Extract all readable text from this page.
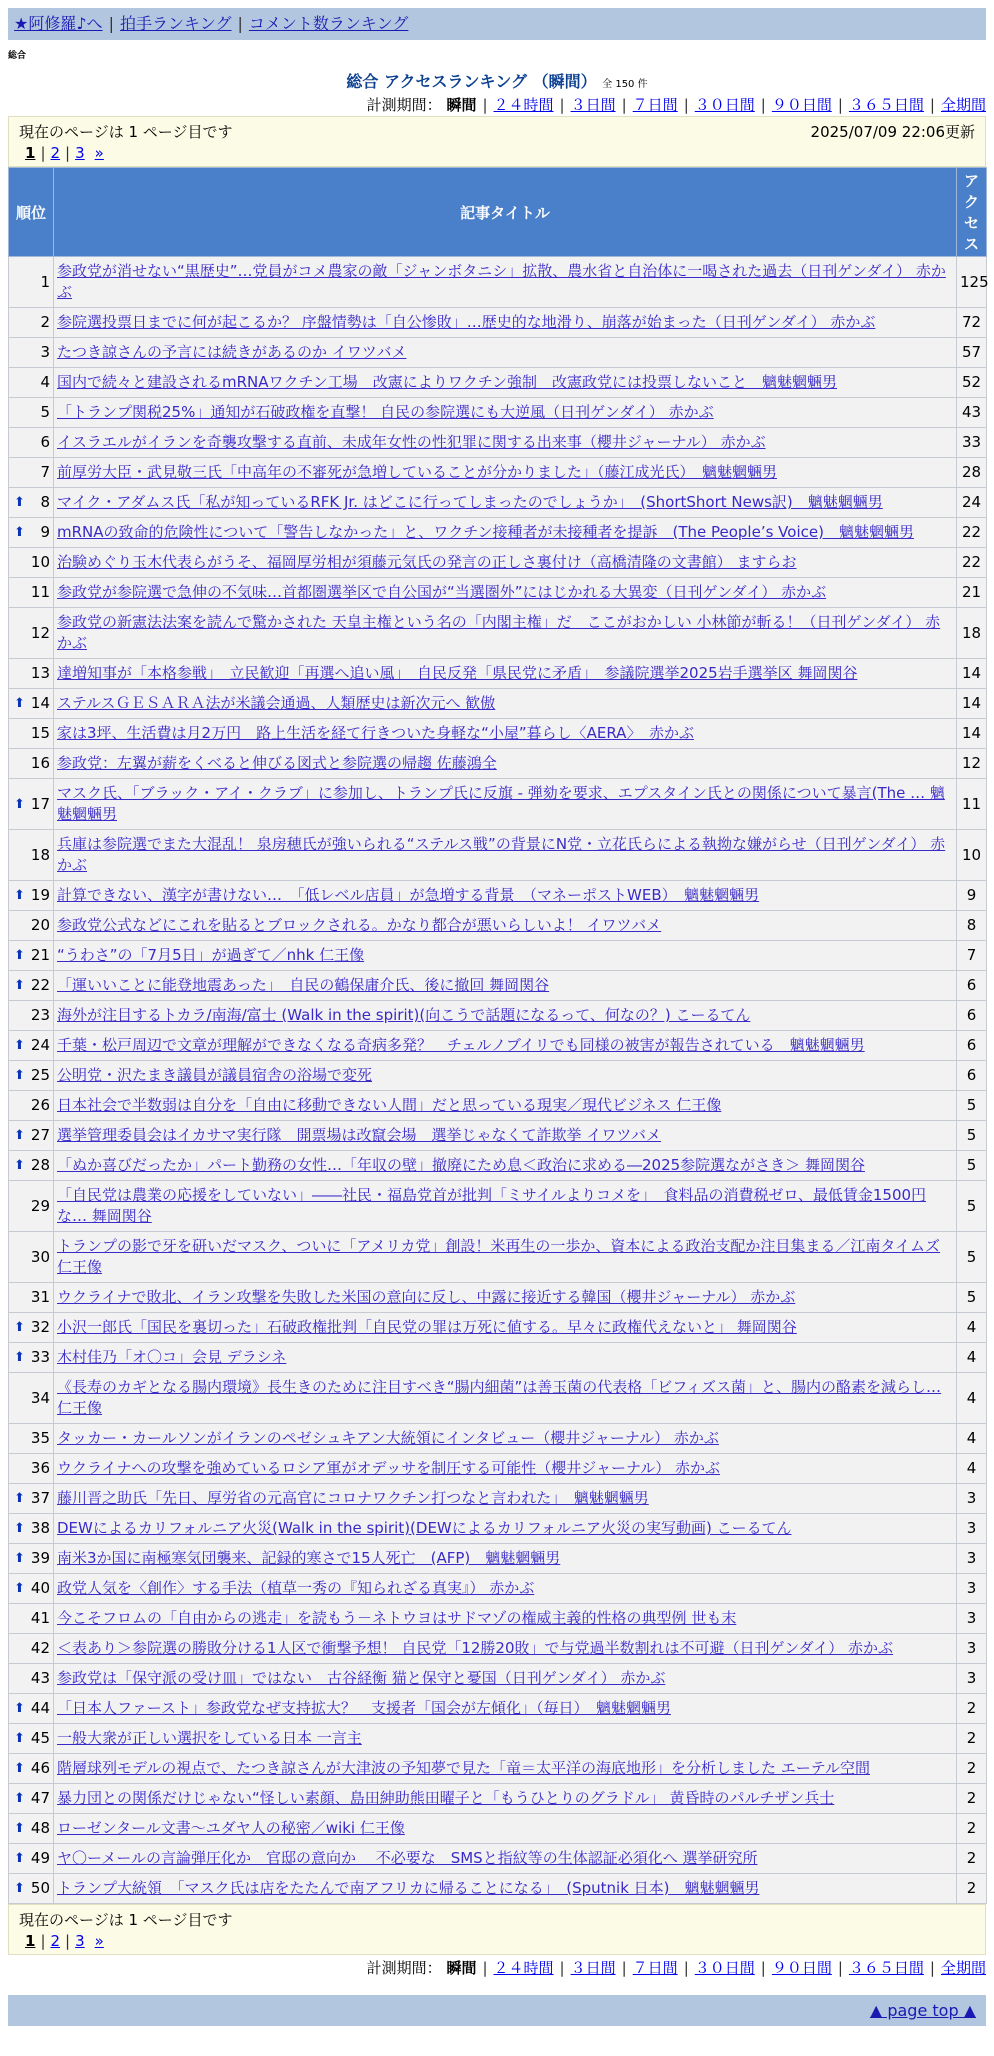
★阿修羅♪へ | 拍手ランキング | コメント数ランキング
総合
総合 アクセスランキング （瞬間） 全 150 件
計測期間： 瞬間 | ２４時間 | ３日間 | ７日間 | ３０日間 | ９０日間 | ３６５日間 | 全期間
現在のページは 1 ページ目です	2025/07/09 22:06更新
1 | 2 | 3 »
順位	記事タイトル	アクセス
1	参政党が消せない“黒歴史”…党員がコメ農家の敵「ジャンボタニシ」拡散、農水省と自治体に一喝された過去（日刊ゲンダイ） 赤かぶ	125
2	参院選投票日までに何が起こるか？ 序盤情勢は「自公惨敗」…歴史的な地滑り、崩落が始まった（日刊ゲンダイ） 赤かぶ	72
3	たつき諒さんの予言には続きがあるのか イワツバメ	57
4	国内で続々と建設されるmRNAワクチン工場　改憲によりワクチン強制　改憲政党には投票しないこと　魑魅魍魎男	52
5	「トランプ関税25%」通知が石破政権を直撃！ 自民の参院選にも大逆風（日刊ゲンダイ） 赤かぶ	43
6	イスラエルがイランを奇襲攻撃する直前、未成年女性の性犯罪に関する出来事（櫻井ジャーナル） 赤かぶ	33
7	前厚労大臣・武見敬三氏「中高年の不審死が急増していることが分かりました」（藤江成光氏）　魑魅魍魎男	28

⬆ 8	マイク・アダムス氏「私が知っているRFK Jr. はどこに行ってしまったのでしょうか」　(ShortShort News訳)　魑魅魍魎男	24

⬆ 9	mRNAの致命的危険性について「警告しなかった」と、ワクチン接種者が未接種者を提訴　(The People’s Voice)　魑魅魍魎男	22
10	治験めぐり玉木代表らがうそ、福岡厚労相が須藤元気氏の発言の正しさ裏付け（高橋清隆の文書館） ますらお	22
11	参政党が参院選で急伸の不気味…首都圏選挙区で自公国が“当選圏外”にはじかれる大異変（日刊ゲンダイ） 赤かぶ	21
12	参政党の新憲法法案を読んで驚かされた 天皇主権という名の「内閣主権」だ　ここがおかしい 小林節が斬る！（日刊ゲンダイ） 赤かぶ	18
13	達増知事が「本格参戦」　立民歓迎「再選へ追い風」　自民反発「県民党に矛盾」　参議院選挙2025岩手選挙区 舞岡関谷	14

⬆ 14	ステルスＧＥＳＡＲＡ法が米議会通過、人類歴史は新次元へ 歓傲	14
15	家は3坪、生活費は月2万円　路上生活を経て行きついた身軽な“小屋”暮らし〈AERA〉　赤かぶ	14
16	参政党：左翼が薪をくべると伸びる図式と参院選の帰趨 佐藤鴻全	12

⬆ 17	マスク氏、「ブラック・アイ・クラブ」に参加し、トランプ氏に反旗 - 弾劾を要求、エプスタイン氏との関係について暴言(The … 魑魅魍魎男	11
18	兵庫は参院選でまた大混乱！ 泉房穂氏が強いられる“ステルス戦”の背景にN党・立花氏らによる執拗な嫌がらせ（日刊ゲンダイ） 赤かぶ	10

⬆ 19	計算できない、漢字が書けない…　「低レベル店員」が急増する背景　（マネーポストWEB）　魑魅魍魎男	9
20	参政党公式などにこれを貼るとブロックされる。かなり都合が悪いらしいよ！ イワツバメ	8

⬆ 21	“うわさ”の「7月5日」が過ぎて／nhk 仁王像	7

⬆ 22	「運いいことに能登地震あった」　自民の鶴保庸介氏、後に撤回 舞岡関谷	6
23	海外が注目するトカラ/南海/富士 (Walk in the spirit)(向こうで話題になるって、何なの？) こーるてん	6

⬆ 24	千葉・松戸周辺で文章が理解ができなくなる奇病多発？　チェルノブイリでも同様の被害が報告されている　魑魅魍魎男	6

⬆ 25	公明党・沢たまき議員が議員宿舎の浴場で変死	6
26	日本社会で半数弱は自分を「自由に移動できない人間」だと思っている現実／現代ビジネス 仁王像	5

⬆ 27	選挙管理委員会はイカサマ実行隊　開票場は改竄会場　選挙じゃなくて詐欺挙 イワツバメ	5

⬆ 28	「ぬか喜びだったか」パート勤務の女性…「年収の壁」撤廃にため息＜政治に求める―2025参院選ながさき＞ 舞岡関谷	5
29	「自民党は農業の応援をしていない」――社民・福島党首が批判「ミサイルよりコメを」　食料品の消費税ゼロ、最低賃金1500円な… 舞岡関谷	5
30	トランプの影で牙を研いだマスク、ついに「アメリカ党」創設！米再生の一歩か、資本による政治支配か注目集まる／江南タイムズ 仁王像	5
31	ウクライナで敗北、イラン攻撃を失敗した米国の意向に反し、中露に接近する韓国（櫻井ジャーナル） 赤かぶ	5

⬆ 32	小沢一郎氏「国民を裏切った」石破政権批判「自民党の罪は万死に値する。早々に政権代えないと」 舞岡関谷	4

⬆ 33	木村佳乃「オ〇コ」会見 デラシネ	4
34	《長寿のカギとなる腸内環境》長生きのために注目すべき“腸内細菌”は善玉菌の代表格「ビフィズス菌」と、腸内の酪素を減らし… 仁王像	4
35	タッカー・カールソンがイランのペゼシュキアン大統領にインタビュー（櫻井ジャーナル） 赤かぶ	4
36	ウクライナへの攻撃を強めているロシア軍がオデッサを制圧する可能性（櫻井ジャーナル） 赤かぶ	4

⬆ 37	藤川晋之助氏「先日、厚労省の元高官にコロナワクチン打つなと言われた」　魑魅魍魎男	3

⬆ 38	DEWによるカリフォルニア火災(Walk in the spirit)(DEWによるカリフォルニア火災の実写動画) こーるてん	3

⬆ 39	南米3か国に南極寒気団襲来、記録的寒さで15人死亡　(AFP)　魑魅魍魎男	3

⬆ 40	政党人気を〈創作〉する手法（植草一秀の『知られざる真実』） 赤かぶ	3
41	今こそフロムの「自由からの逃走」を読もう－ネトウヨはサドマゾの権威主義的性格の典型例 世も末	3
42	＜表あり＞参院選の勝敗分ける1人区で衝撃予想！ 自民党「12勝20敗」で与党過半数割れは不可避（日刊ゲンダイ） 赤かぶ	3
43	参政党は「保守派の受け皿」ではない　古谷経衡 猫と保守と憂国（日刊ゲンダイ） 赤かぶ	3

⬆ 44	「日本人ファースト」参政党なぜ支持拡大？　支援者「国会が左傾化」（毎日）　魑魅魍魎男	2

⬆ 45	一般大衆が正しい選択をしている日本 一言主	2

⬆ 46	階層球列モデルの視点で、たつき諒さんが大津波の予知夢で見た「竜＝太平洋の海底地形」を分析しました エーテル空間	2

⬆ 47	暴力団との関係だけじゃない“怪しい素顔、島田紳助熊田曜子と「もうひとりのグラドル」 黄昏時のパルチザン兵士	2

⬆ 48	ローゼンタール文書～ユダヤ人の秘密／wiki 仁王像	2

⬆ 49	ヤ〇ーメールの言論弾圧化か　官邸の意向か　 不必要な　SMSと指紋等の生体認証必須化へ 選挙研究所	2

⬆ 50	トランプ大統領　「マスク氏は店をたたんで南アフリカに帰ることになる」　(Sputnik 日本)　魑魅魍魎男	2
現在のページは 1 ページ目です
1 | 2 | 3 »
計測期間： 瞬間 | ２４時間 | ３日間 | ７日間 | ３０日間 | ９０日間 | ３６５日間 | 全期間
▲ page top ▲
